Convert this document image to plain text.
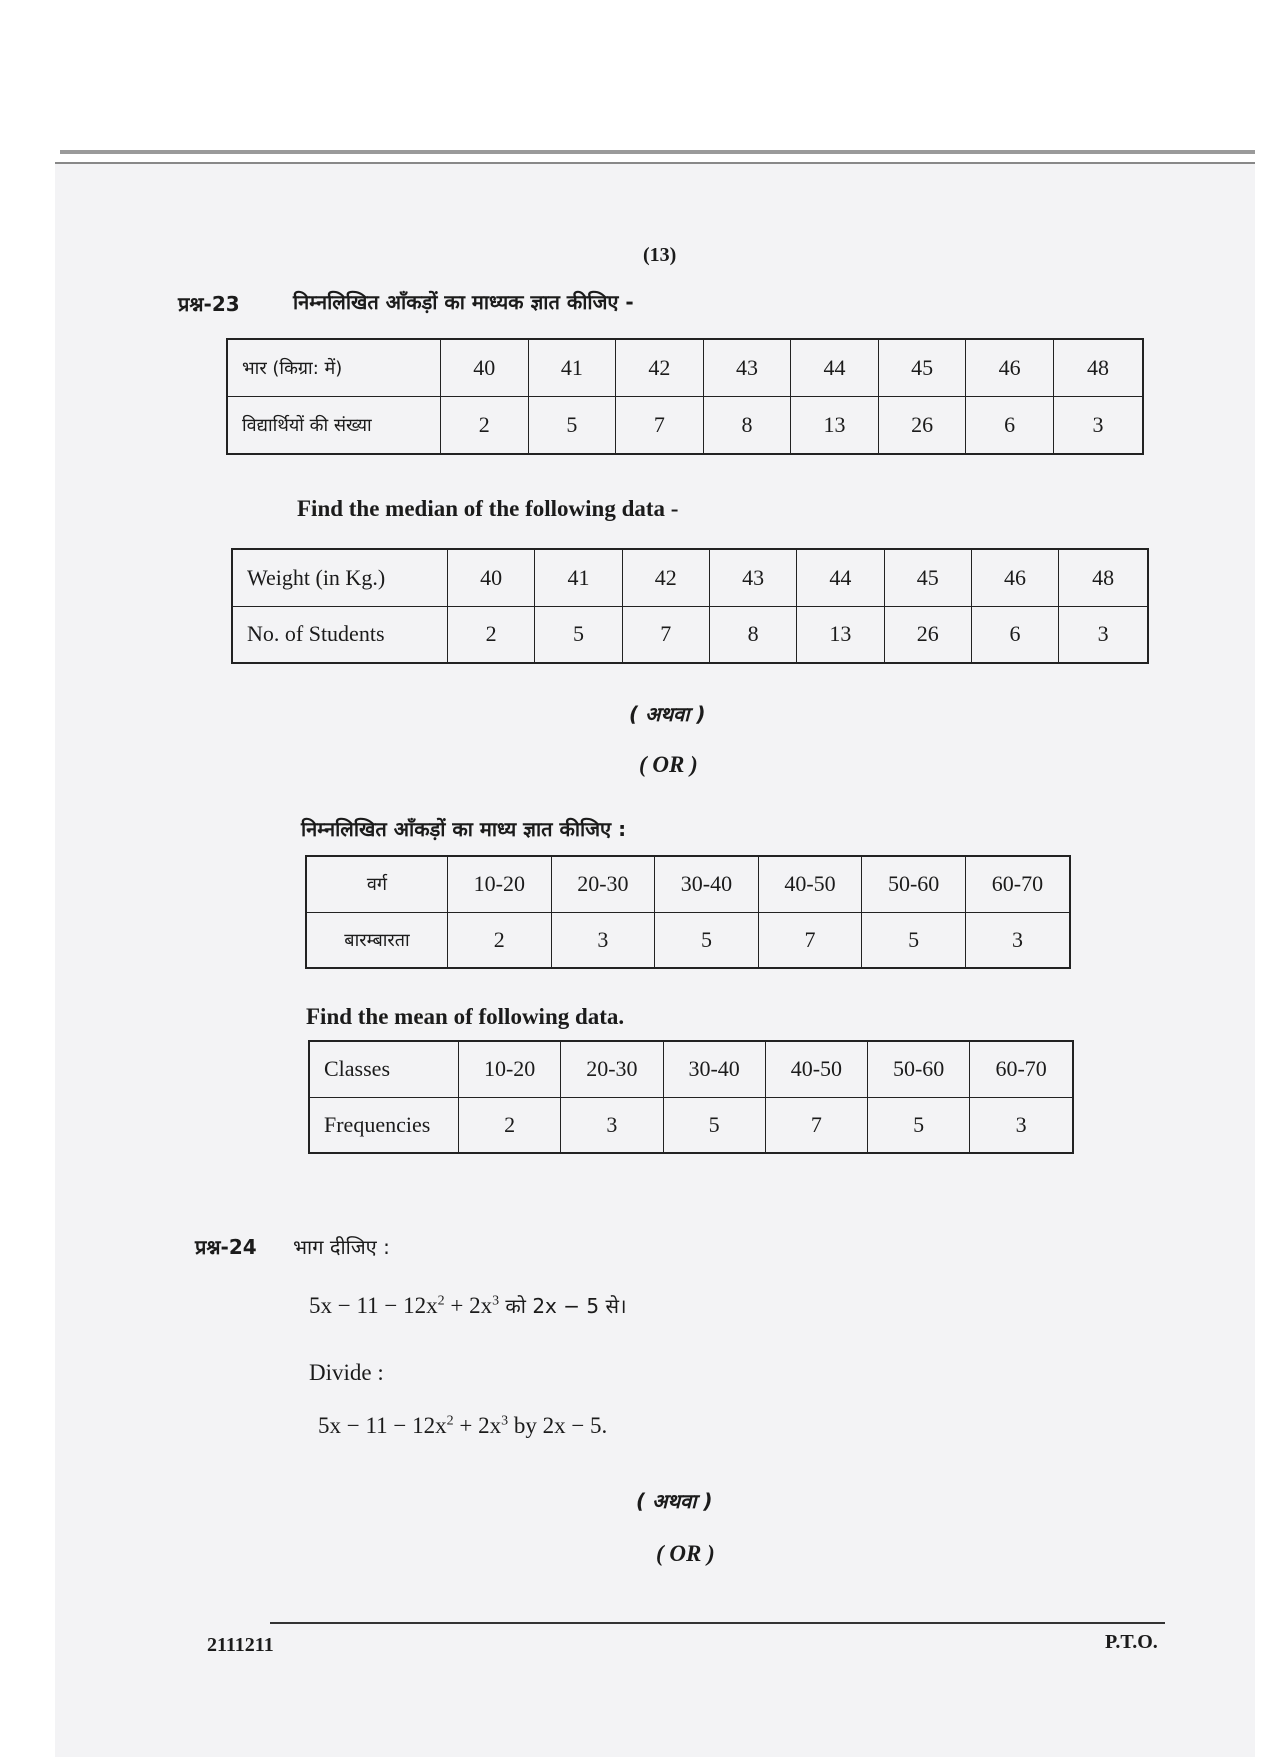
(13)
प्रश्न-23	निम्नलिखित आँकड़ों का माध्यक ज्ञात कीजिए -
भार (किग्रा: में)	40	41	42	43	44	45	46	48
विद्यार्थियों की संख्या	2	5	7	8	13	26	6	3
Find the median of the following data -
Weight (in Kg.)	40	41	42	43	44	45	46	48
No. of Students	2	5	7	8	13	26	6	3
( अथवा )
( OR )
निम्नलिखित आँकड़ों का माध्य ज्ञात कीजिए :
वर्ग	10-20	20-30	30-40	40-50	50-60	60-70
बारम्बारता	2	3	5	7	5	3
Find the mean of following data.
Classes	10-20	20-30	30-40	40-50	50-60	60-70
Frequencies	2	3	5	7	5	3
प्रश्न-24 भाग दीजिए :
$5x - 11 - 12x^2 + 2x^3$ को 2x − 5 से।
Divide :
$5x - 11 - 12x^2 + 2x^3$ by 2x − 5.
( अथवा )
( OR )
2111211	P.T.O.
